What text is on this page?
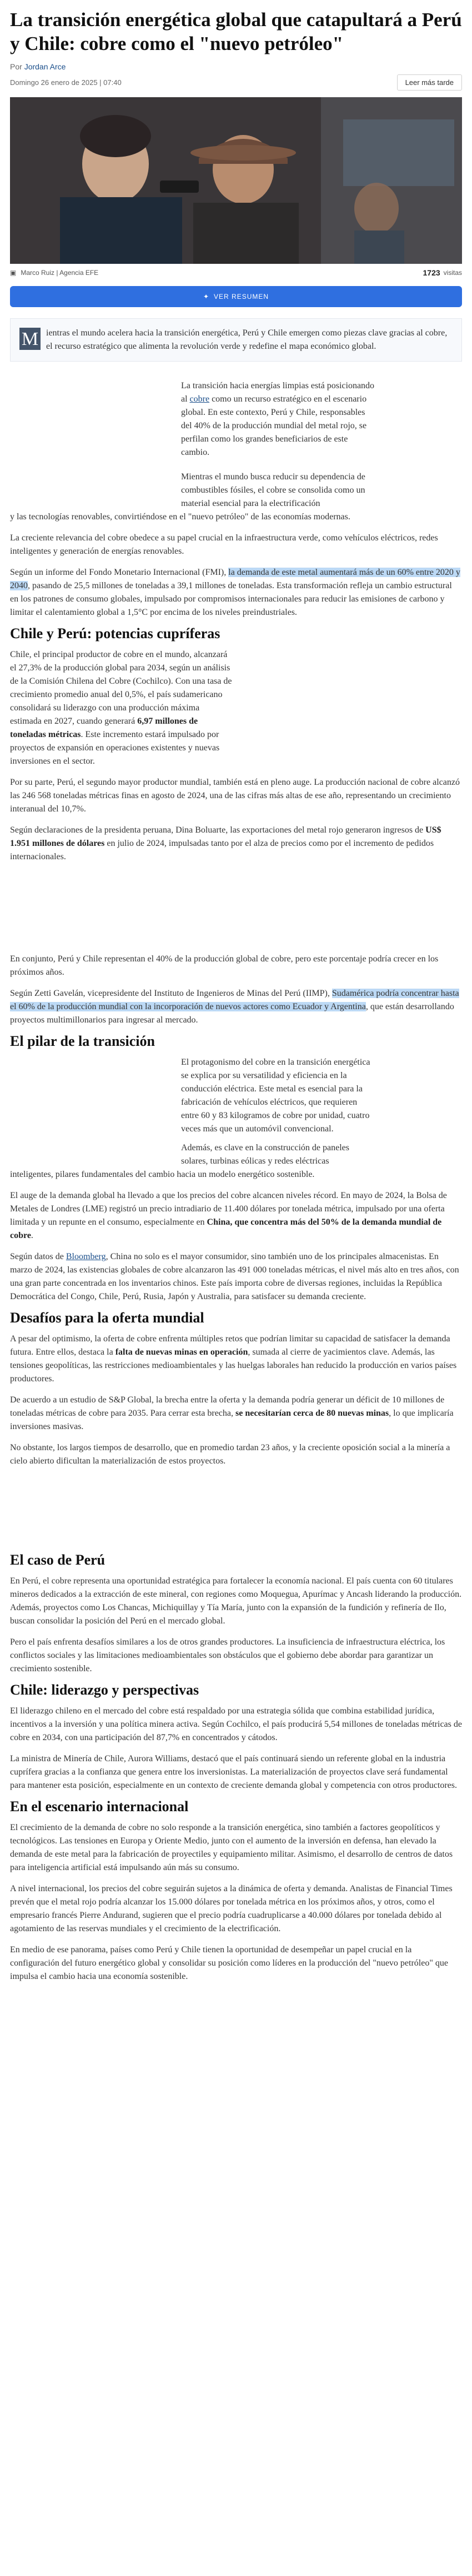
La transición energética global que catapultará a Perú y Chile: cobre como el "nuevo petróleo"
Por Jordan Arce
Domingo 26 enero de 2025 | 07:40	Leer más tarde
▣ Marco Ruiz | Agencia EFE	1723 visitas
✦ VER RESUMEN
M ientras el mundo acelera hacia la transición energética, Perú y Chile emergen como piezas clave gracias al cobre, el recurso estratégico que alimenta la revolución verde y redefine el mapa económico global.

La transición hacia energías limpias está posicionando al cobre como un recurso estratégico en el escenario global. En este contexto, Perú y Chile, responsables del 40% de la producción mundial del metal rojo, se perfilan como los grandes beneficiarios de este cambio.

Mientras el mundo busca reducir su dependencia de combustibles fósiles, el cobre se consolida como un material esencial para la electrificación

y las tecnologías renovables, convirtiéndose en el "nuevo petróleo" de las economías modernas.

La creciente relevancia del cobre obedece a su papel crucial en la infraestructura verde, como vehículos eléctricos, redes inteligentes y generación de energías renovables.

Según un informe del Fondo Monetario Internacional (FMI), la demanda de este metal aumentará más de un 60% entre 2020 y 2040, pasando de 25,5 millones de toneladas a 39,1 millones de toneladas. Esta transformación refleja un cambio estructural en los patrones de consumo globales, impulsado por compromisos internacionales para reducir las emisiones de carbono y limitar el calentamiento global a 1,5°C por encima de los niveles preindustriales.

Chile y Perú: potencias cupríferas

Chile, el principal productor de cobre en el mundo, alcanzará el 27,3% de la producción global para 2034, según un análisis de la Comisión Chilena del Cobre (Cochilco). Con una tasa de crecimiento promedio anual del 0,5%, el país sudamericano consolidará su liderazgo con una producción máxima estimada en 2027, cuando generará 6,97 millones de toneladas métricas. Este incremento estará impulsado por proyectos de expansión en operaciones existentes y nuevas inversiones en el sector.

Por su parte, Perú, el segundo mayor productor mundial, también está en pleno auge. La producción nacional de cobre alcanzó las 246 568 toneladas métricas finas en agosto de 2024, una de las cifras más altas de ese año, representando un crecimiento interanual del 10,7%.

Según declaraciones de la presidenta peruana, Dina Boluarte, las exportaciones del metal rojo generaron ingresos de US$ 1.951 millones de dólares en julio de 2024, impulsadas tanto por el alza de precios como por el incremento de pedidos internacionales.

En conjunto, Perú y Chile representan el 40% de la producción global de cobre, pero este porcentaje podría crecer en los próximos años.

Según Zetti Gavelán, vicepresidente del Instituto de Ingenieros de Minas del Perú (IIMP), Sudamérica podría concentrar hasta el 60% de la producción mundial con la incorporación de nuevos actores como Ecuador y Argentina, que están desarrollando proyectos multimillonarios para ingresar al mercado.

El pilar de la transición

El protagonismo del cobre en la transición energética se explica por su versatilidad y eficiencia en la conducción eléctrica. Este metal es esencial para la fabricación de vehículos eléctricos, que requieren entre 60 y 83 kilogramos de cobre por unidad, cuatro veces más que un automóvil convencional.

Además, es clave en la construcción de paneles solares, turbinas eólicas y redes eléctricas

inteligentes, pilares fundamentales del cambio hacia un modelo energético sostenible.

El auge de la demanda global ha llevado a que los precios del cobre alcancen niveles récord. En mayo de 2024, la Bolsa de Metales de Londres (LME) registró un precio intradiario de 11.400 dólares por tonelada métrica, impulsado por una oferta limitada y un repunte en el consumo, especialmente en China, que concentra más del 50% de la demanda mundial de cobre.

Según datos de Bloomberg, China no solo es el mayor consumidor, sino también uno de los principales almacenistas. En marzo de 2024, las existencias globales de cobre alcanzaron las 491 000 toneladas métricas, el nivel más alto en tres años, con una gran parte concentrada en los inventarios chinos. Este país importa cobre de diversas regiones, incluidas la República Democrática del Congo, Chile, Perú, Rusia, Japón y Australia, para satisfacer su demanda creciente.

Desafíos para la oferta mundial

A pesar del optimismo, la oferta de cobre enfrenta múltiples retos que podrían limitar su capacidad de satisfacer la demanda futura. Entre ellos, destaca la falta de nuevas minas en operación, sumada al cierre de yacimientos clave. Además, las tensiones geopolíticas, las restricciones medioambientales y las huelgas laborales han reducido la producción en varios países productores.

De acuerdo a un estudio de S&P Global, la brecha entre la oferta y la demanda podría generar un déficit de 10 millones de toneladas métricas de cobre para 2035. Para cerrar esta brecha, se necesitarían cerca de 80 nuevas minas, lo que implicaría inversiones masivas.

No obstante, los largos tiempos de desarrollo, que en promedio tardan 23 años, y la creciente oposición social a la minería a cielo abierto dificultan la materialización de estos proyectos.

El caso de Perú

En Perú, el cobre representa una oportunidad estratégica para fortalecer la economía nacional. El país cuenta con 60 titulares mineros dedicados a la extracción de este mineral, con regiones como Moquegua, Apurímac y Ancash liderando la producción. Además, proyectos como Los Chancas, Michiquillay y Tía María, junto con la expansión de la fundición y refinería de Ilo, buscan consolidar la posición del Perú en el mercado global.

Pero el país enfrenta desafíos similares a los de otros grandes productores. La insuficiencia de infraestructura eléctrica, los conflictos sociales y las limitaciones medioambientales son obstáculos que el gobierno debe abordar para garantizar un crecimiento sostenible.

Chile: liderazgo y perspectivas

El liderazgo chileno en el mercado del cobre está respaldado por una estrategia sólida que combina estabilidad jurídica, incentivos a la inversión y una política minera activa. Según Cochilco, el país producirá 5,54 millones de toneladas métricas de cobre en 2034, con una participación del 87,7% en concentrados y cátodos.

La ministra de Minería de Chile, Aurora Williams, destacó que el país continuará siendo un referente global en la industria cuprífera gracias a la confianza que genera entre los inversionistas. La materialización de proyectos clave será fundamental para mantener esta posición, especialmente en un contexto de creciente demanda global y competencia con otros productores.

En el escenario internacional

El crecimiento de la demanda de cobre no solo responde a la transición energética, sino también a factores geopolíticos y tecnológicos. Las tensiones en Europa y Oriente Medio, junto con el aumento de la inversión en defensa, han elevado la demanda de este metal para la fabricación de proyectiles y equipamiento militar. Asimismo, el desarrollo de centros de datos para inteligencia artificial está impulsando aún más su consumo.

A nivel internacional, los precios del cobre seguirán sujetos a la dinámica de oferta y demanda. Analistas de Financial Times prevén que el metal rojo podría alcanzar los 15.000 dólares por tonelada métrica en los próximos años, y otros, como el empresario francés Pierre Andurand, sugieren que el precio podría cuadruplicarse a 40.000 dólares por tonelada debido al agotamiento de las reservas mundiales y el crecimiento de la electrificación.

En medio de ese panorama, países como Perú y Chile tienen la oportunidad de desempeñar un papel crucial en la configuración del futuro energético global y consolidar su posición como líderes en la producción del "nuevo petróleo" que impulsa el cambio hacia una economía sostenible.
